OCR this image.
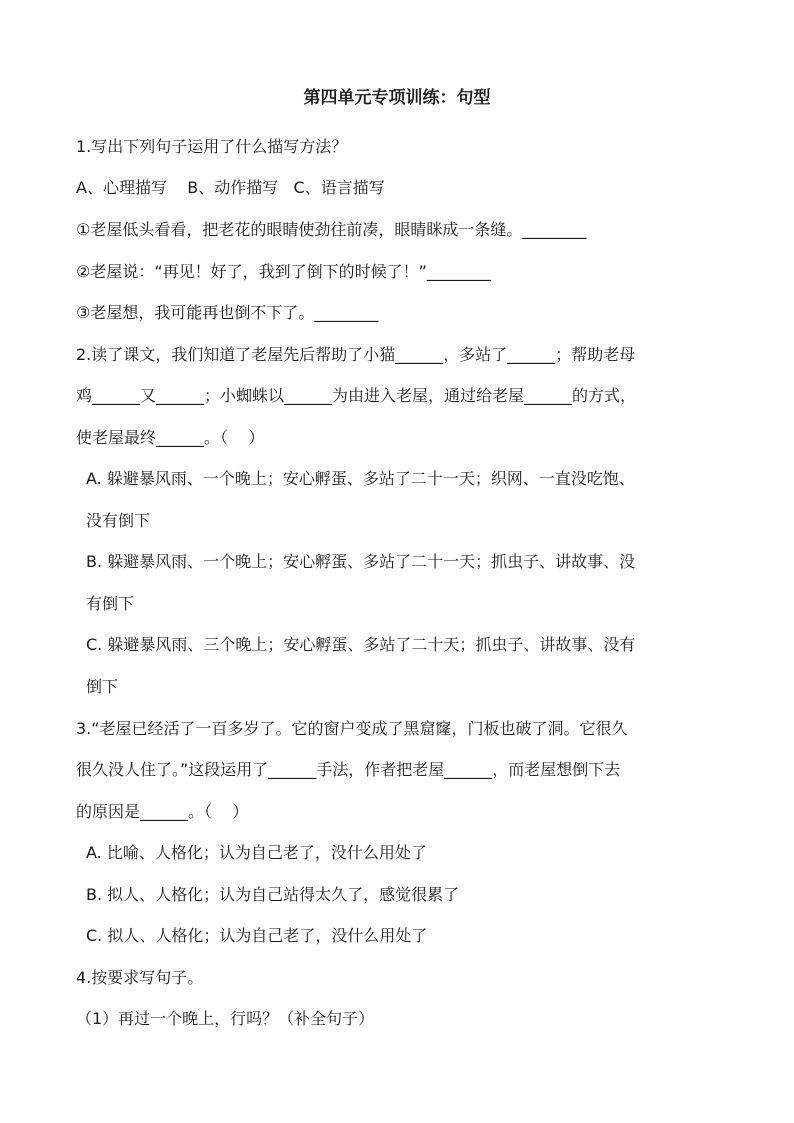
第四单元专项训练：句型
1.写出下列句子运用了什么描写方法？
A、心理描写    B、动作描写   C、语言描写
①老屋低头看看，把老花的眼睛使劲往前凑，眼睛眯成一条缝。________
②老屋说：“再见！好了，我到了倒下的时候了！”________
③老屋想，我可能再也倒不下了。________
2.读了课文，我们知道了老屋先后帮助了小猫______，多站了______；帮助老母
鸡______又______；小蜘蛛以______为由进入老屋，通过给老屋______的方式，
使老屋最终______。（    ）
A. 躲避暴风雨、一个晚上；安心孵蛋、多站了二十一天；织网、一直没吃饱、
没有倒下
B. 躲避暴风雨、一个晚上；安心孵蛋、多站了二十一天；抓虫子、讲故事、没
有倒下
C. 躲避暴风雨、三个晚上；安心孵蛋、多站了二十天；抓虫子、讲故事、没有
倒下
3.“老屋已经活了一百多岁了。它的窗户变成了黑窟窿，门板也破了洞。它很久
很久没人住了。”这段运用了______手法，作者把老屋______，而老屋想倒下去
的原因是______。（    ）
A. 比喻、人格化；认为自己老了，没什么用处了
B. 拟人、人格化；认为自己站得太久了，感觉很累了
C. 拟人、人格化；认为自己老了，没什么用处了
4.按要求写句子。
（1）再过一个晚上，行吗？（补全句子）
